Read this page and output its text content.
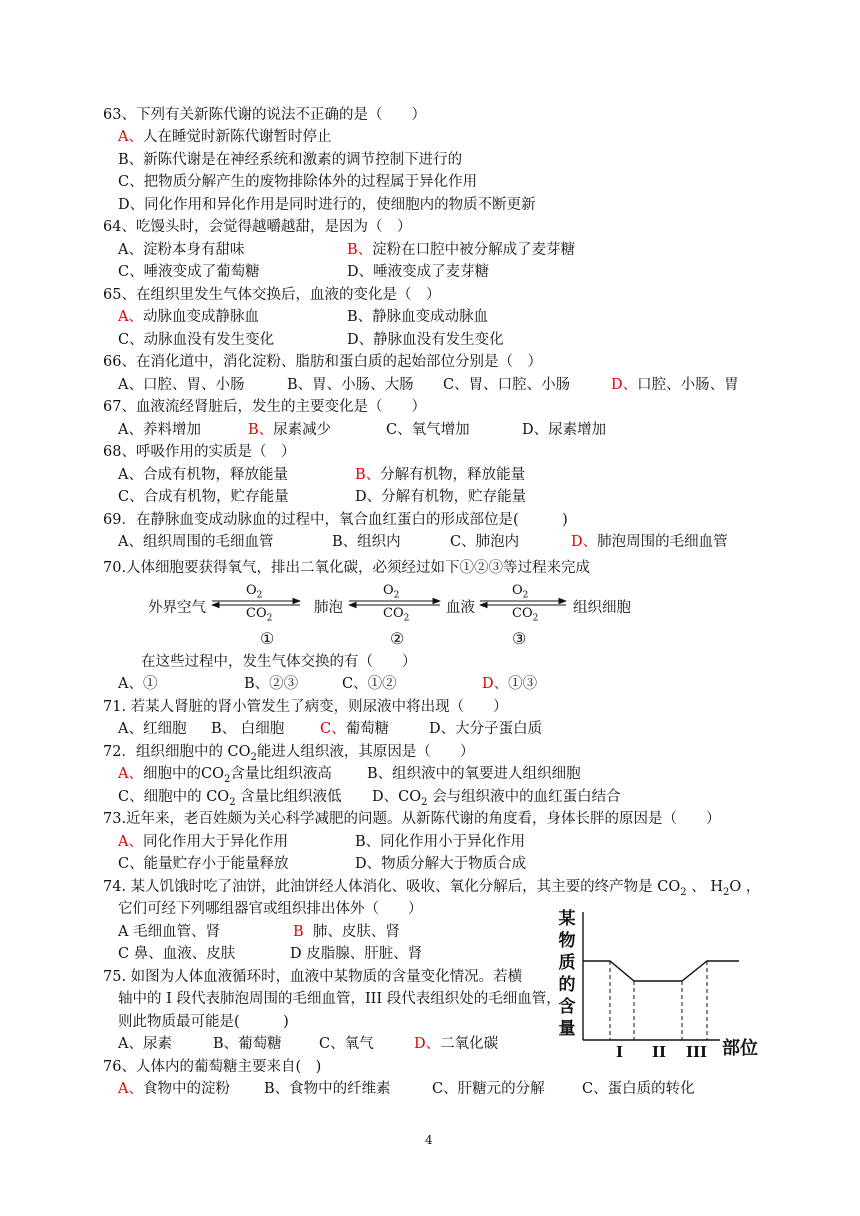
63、下列有关新陈代谢的说法不正确的是（　　）
A、人在睡觉时新陈代谢暂时停止
B、新陈代谢是在神经系统和激素的调节控制下进行的
C、把物质分解产生的废物排除体外的过程属于异化作用
D、同化作用和异化作用是同时进行的，使细胞内的物质不断更新
64、吃馒头时，会觉得越嚼越甜，是因为（　）
A、淀粉本身有甜味	B、淀粉在口腔中被分解成了麦芽糖
C、唾液变成了葡萄糖	D、唾液变成了麦芽糖
65、在组织里发生气体交换后，血液的变化是（　）
A、动脉血变成静脉血	B、静脉血变成动脉血
C、动脉血没有发生变化	D、静脉血没有发生变化
66、在消化道中，消化淀粉、脂肪和蛋白质的起始部位分别是（　）
A、口腔、胃、小肠	B、胃、小肠、大肠 C、胃、口腔、小肠	D、口腔、小肠、胃
67、血液流经肾脏后，发生的主要变化是（　　）
A、养料增加	B、尿素减少	C、氧气增加	D、尿素增加
68、呼吸作用的实质是（　）
A、合成有机物，释放能量	B、分解有机物，释放能量
C、合成有机物，贮存能量	D、分解有机物，贮存能量
69．在静脉血变成动脉血的过程中，氧合血红蛋白的形成部位是(　　　)
A、组织周围的毛细血管	B、组织内	C、肺泡内	D、肺泡周围的毛细血管
70.人体细胞要获得氧气，排出二氧化碳，必须经过如下①②③等过程来完成
外界空气	肺泡	血液	组织细胞
$O_2$
$CO_2$
$O_2$
$CO_2$
$O_2$
$CO_2$
①	②	③
在这些过程中，发生气体交换的有（　　）
A、①	B、②③	C、①②	D、①③
71. 若某人肾脏的肾小管发生了病变，则尿液中将出现（　　）
A、红细胞 B、 白细胞 C、葡萄糖	D、大分子蛋白质
72．组织细胞中的 $CO_2$能进人组织液，其原因是（　　）
A、细胞中的$CO_2$含量比组织液高 B、组织液中的氧要进人组织细胞
C、细胞中的 $CO_2$ 含量比组织液低 D、$CO_2$ 会与组织液中的血红蛋白结合
73.近年来，老百姓颇为关心科学减肥的问题。从新陈代谢的角度看，身体长胖的原因是（　　）
A、同化作用大于异化作用	B、同化作用小于异化作用
C、能量贮存小于能量释放	D、物质分解大于物质合成
74. 某人饥饿时吃了油饼，此油饼经人体消化、吸收、氧化分解后，其主要的终产物是 $CO_2$ 、 $H_2O$ ，
它们可经下列哪组器官或组织排出体外（　　）
A 毛细血管、肾	B 肺、皮肤、肾
C 鼻、血液、皮肤	D 皮脂腺、肝脏、肾
75. 如图为人体血液循环时，血液中某物质的含量变化情况。若横
轴中的 I 段代表肺泡周围的毛细血管，III 段代表组织处的毛细血管，
则此物质最可能是(　　　)
A、尿素	B、葡萄糖	C、氧气	D、二氧化碳
某物质的含量
I II III 部位
76、人体内的葡萄糖主要来自(　)
A、食物中的淀粉 B、食物中的纤维素	C、肝糖元的分解	C、蛋白质的转化
4
